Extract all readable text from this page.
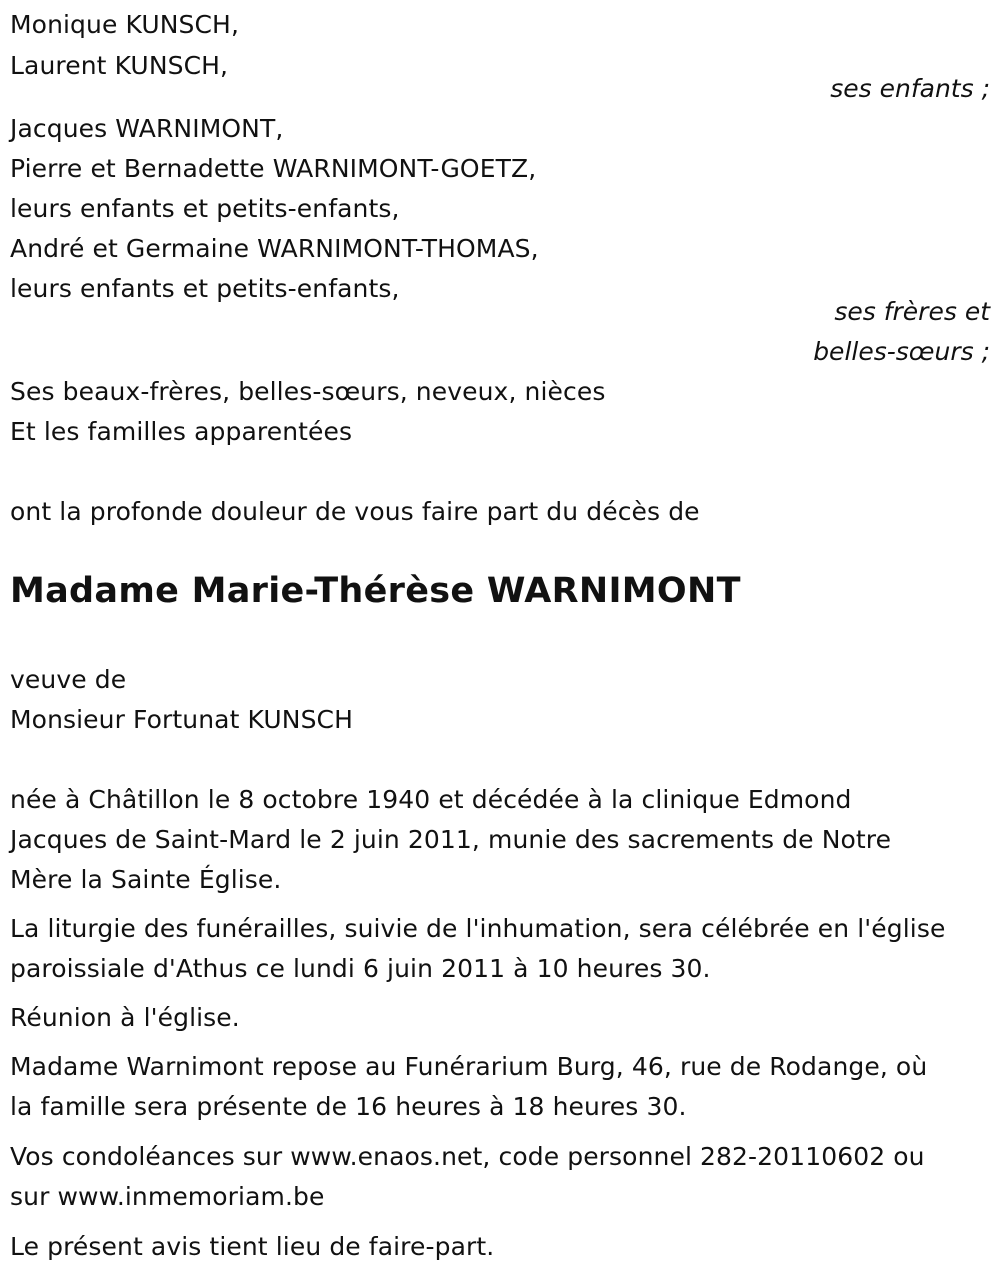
Monique KUNSCH,
Laurent KUNSCH,
ses enfants ;
Jacques WARNIMONT,
Pierre et Bernadette WARNIMONT-GOETZ,
leurs enfants et petits-enfants,
André et Germaine WARNIMONT-THOMAS,
leurs enfants et petits-enfants,
ses frères et
belles-sœurs ;
Ses beaux-frères, belles-sœurs, neveux, nièces
Et les familles apparentées
ont la profonde douleur de vous faire part du décès de
Madame Marie-Thérèse WARNIMONT
veuve de
Monsieur Fortunat KUNSCH
née à Châtillon le 8 octobre 1940 et décédée à la clinique Edmond
Jacques de Saint-Mard le 2 juin 2011, munie des sacrements de Notre
Mère la Sainte Église.
La liturgie des funérailles, suivie de l'inhumation, sera célébrée en l'église
paroissiale d'Athus ce lundi 6 juin 2011 à 10 heures 30.
Réunion à l'église.
Madame Warnimont repose au Funérarium Burg, 46, rue de Rodange, où
la famille sera présente de 16 heures à 18 heures 30.
Vos condoléances sur www.enaos.net, code personnel 282-20110602 ou
sur www.inmemoriam.be
Le présent avis tient lieu de faire-part.
